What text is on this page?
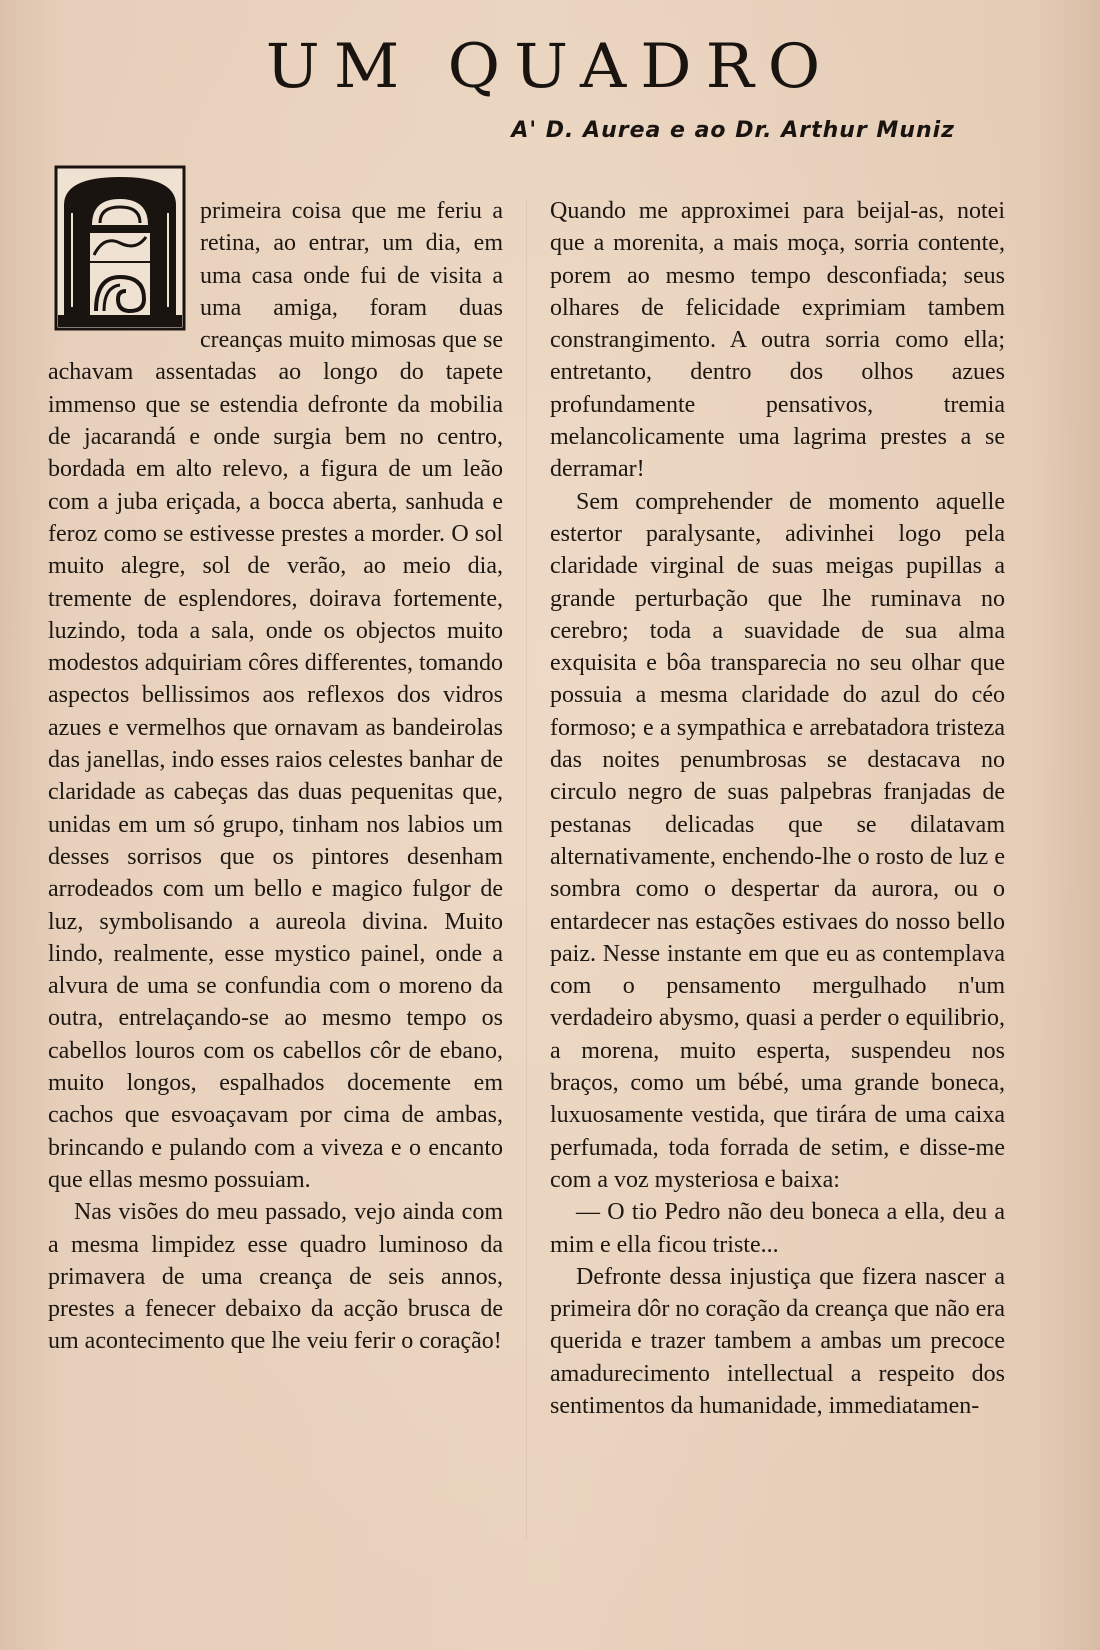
UM QUADRO

A' D. Aurea e ao Dr. Arthur Muniz

primeira coisa que me feriu a retina, ao entrar, um dia, em uma casa onde fui de visita a uma amiga, foram duas creanças muito mimosas que se achavam assentadas ao longo do tapete immenso que se estendia defronte da mobilia de jacarandá e onde surgia bem no centro, bordada em alto relevo, a figura de um leão com a juba eriçada, a bocca aberta, sanhuda e feroz como se estivesse prestes a morder. O sol muito alegre, sol de verão, ao meio dia, tremente de esplendores, doirava fortemente, luzindo, toda a sala, onde os objectos muito modestos adquiriam côres differentes, tomando aspectos bellissimos aos reflexos dos vidros azues e vermelhos que ornavam as bandeirolas das janellas, indo esses raios celestes banhar de claridade as cabeças das duas pequenitas que, unidas em um só grupo, tinham nos labios um desses sorrisos que os pintores desenham arrodeados com um bello e magico fulgor de luz, symbolisando a aureola divina. Muito lindo, realmente, esse mystico painel, onde a alvura de uma se confundia com o moreno da outra, entrelaçando-se ao mesmo tempo os cabellos louros com os cabellos côr de ebano, muito longos, espalhados docemente em cachos que esvoaçavam por cima de ambas, brincando e pulando com a viveza e o encanto que ellas mesmo possuiam.

Nas visões do meu passado, vejo ainda com a mesma limpidez esse quadro luminoso da primavera de uma creança de seis annos, prestes a fenecer debaixo da acção brusca de um acontecimento que lhe veiu ferir o coração!

Quando me approximei para beijal-as, notei que a morenita, a mais moça, sorria contente, porem ao mesmo tempo desconfiada; seus olhares de felicidade exprimiam tambem constrangimento. A outra sorria como ella; entretanto, dentro dos olhos azues profundamente pensativos, tremia melancolicamente uma lagrima prestes a se derramar!

Sem comprehender de momento aquelle estertor paralysante, adivinhei logo pela claridade virginal de suas meigas pupillas a grande perturbação que lhe ruminava no cerebro; toda a suavidade de sua alma exquisita e bôa transparecia no seu olhar que possuia a mesma claridade do azul do céo formoso; e a sympathica e arrebatadora tristeza das noites penumbrosas se destacava no circulo negro de suas palpebras franjadas de pestanas delicadas que se dilatavam alternativamente, enchendo-lhe o rosto de luz e sombra como o despertar da aurora, ou o entardecer nas estações estivaes do nosso bello paiz. Nesse instante em que eu as contemplava com o pensamento mergulhado n'um verdadeiro abysmo, quasi a perder o equilibrio, a morena, muito esperta, suspendeu nos braços, como um bébé, uma grande boneca, luxuosamente vestida, que tirára de uma caixa perfumada, toda forrada de setim, e disse-me com a voz mysteriosa e baixa:

— O tio Pedro não deu boneca a ella, deu a mim e ella ficou triste...

Defronte dessa injustiça que fizera nascer a primeira dôr no coração da creança que não era querida e trazer tambem a ambas um precoce amadurecimento intellectual a respeito dos sentimentos da humanidade, immediatamen-
